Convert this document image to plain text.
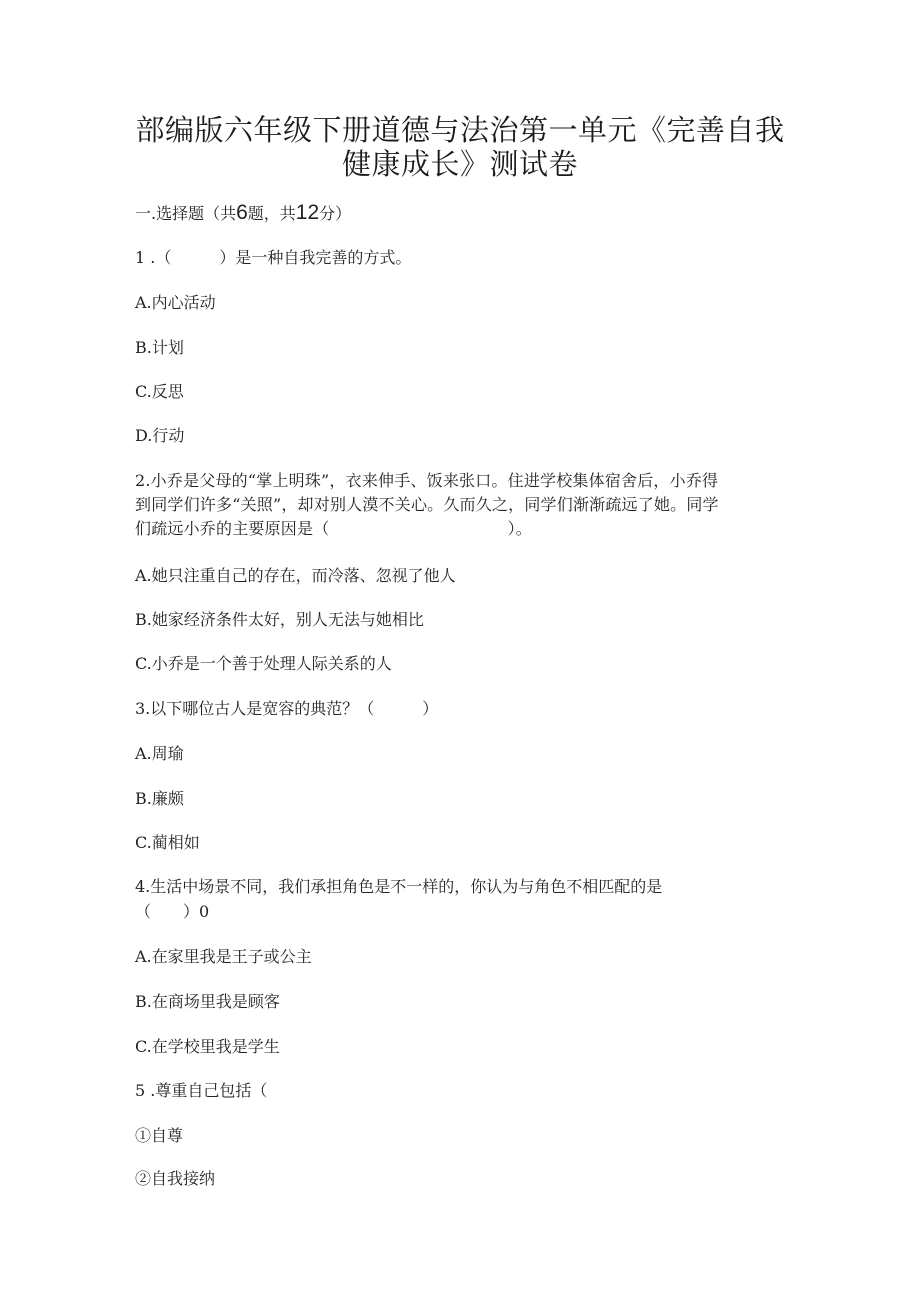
部编版六年级下册道德与法治第一单元《完善自我
健康成长》测试卷
一.选择题（共6题，共12分）
1 .（　　　）是一种自我完善的方式。
A.内心活动
B.计划
C.反思
D.行动
2.小乔是父母的“掌上明珠”，衣来伸手、饭来张口。住进学校集体宿舍后，小乔得
到同学们许多“关照”，却对别人漠不关心。久而久之，同学们渐渐疏远了她。同学
们疏远小乔的主要原因是（　　　　　　　　　　　）。
A.她只注重自己的存在，而冷落、忽视了他人
B.她家经济条件太好，别人无法与她相比
C.小乔是一个善于处理人际关系的人
3.以下哪位古人是宽容的典范？（　　　）
A.周瑜
B.廉颇
C.蔺相如
4.生活中场景不同，我们承担角色是不一样的，你认为与角色不相匹配的是
（　　）0
A.在家里我是王子或公主
B.在商场里我是顾客
C.在学校里我是学生
5 .尊重自己包括（
①自尊
②自我接纳
